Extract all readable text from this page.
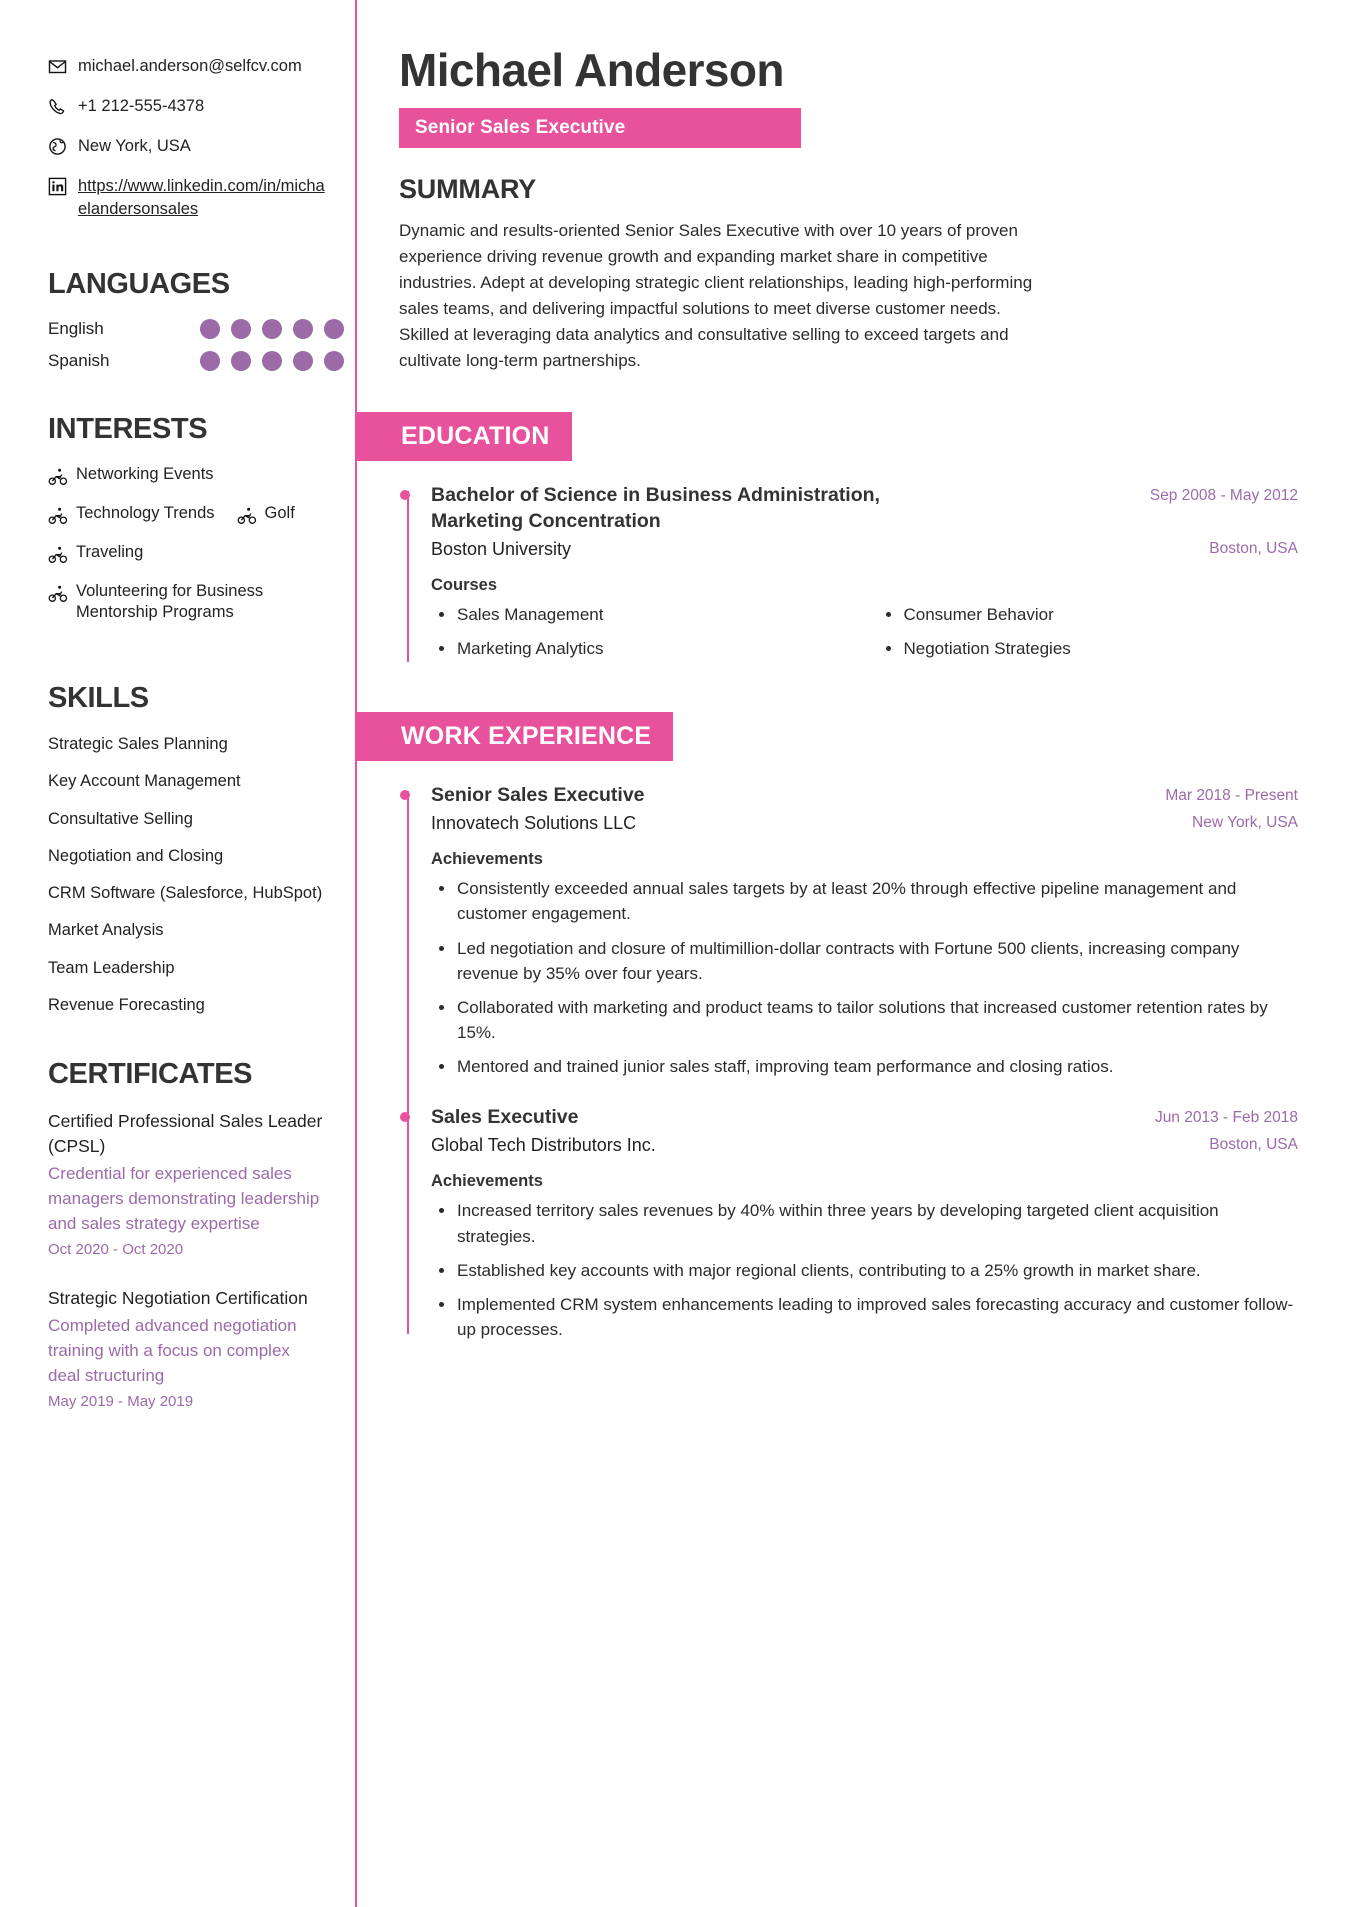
michael.anderson@selfcv.com
+1 212-555-4378
New York, USA
https://www.linkedin.com/in/michaelandersonsales
LANGUAGES
English
Spanish
INTERESTS
Networking Events
Technology Trends	Golf
Traveling
Volunteering for Business Mentorship Programs
SKILLS
Strategic Sales Planning
Key Account Management
Consultative Selling
Negotiation and Closing
CRM Software (Salesforce, HubSpot)
Market Analysis
Team Leadership
Revenue Forecasting
CERTIFICATES
Certified Professional Sales Leader (CPSL)
Credential for experienced sales managers demonstrating leadership and sales strategy expertise
Oct 2020 - Oct 2020
Strategic Negotiation Certification
Completed advanced negotiation training with a focus on complex deal structuring
May 2019 - May 2019
Michael Anderson
Senior Sales Executive
SUMMARY

Dynamic and results-oriented Senior Sales Executive with over 10 years of proven experience driving revenue growth and expanding market share in competitive industries. Adept at developing strategic client relationships, leading high-performing sales teams, and delivering impactful solutions to meet diverse customer needs. Skilled at leveraging data analytics and consultative selling to exceed targets and cultivate long-term partnerships.

EDUCATION
Bachelor of Science in Business Administration, Marketing Concentration
Sep 2008 - May 2012
Boston University	Boston, USA
Courses
Sales Management	Consumer Behavior
Marketing Analytics	Negotiation Strategies
WORK EXPERIENCE
Senior Sales Executive	Mar 2018 - Present
Innovatech Solutions LLC	New York, USA
Achievements
Consistently exceeded annual sales targets by at least 20% through effective pipeline management and customer engagement.
Led negotiation and closure of multimillion-dollar contracts with Fortune 500 clients, increasing company revenue by 35% over four years.
Collaborated with marketing and product teams to tailor solutions that increased customer retention rates by 15%.
Mentored and trained junior sales staff, improving team performance and closing ratios.
Sales Executive	Jun 2013 - Feb 2018
Global Tech Distributors Inc.	Boston, USA
Achievements
Increased territory sales revenues by 40% within three years by developing targeted client acquisition strategies.
Established key accounts with major regional clients, contributing to a 25% growth in market share.
Implemented CRM system enhancements leading to improved sales forecasting accuracy and customer follow-up processes.
